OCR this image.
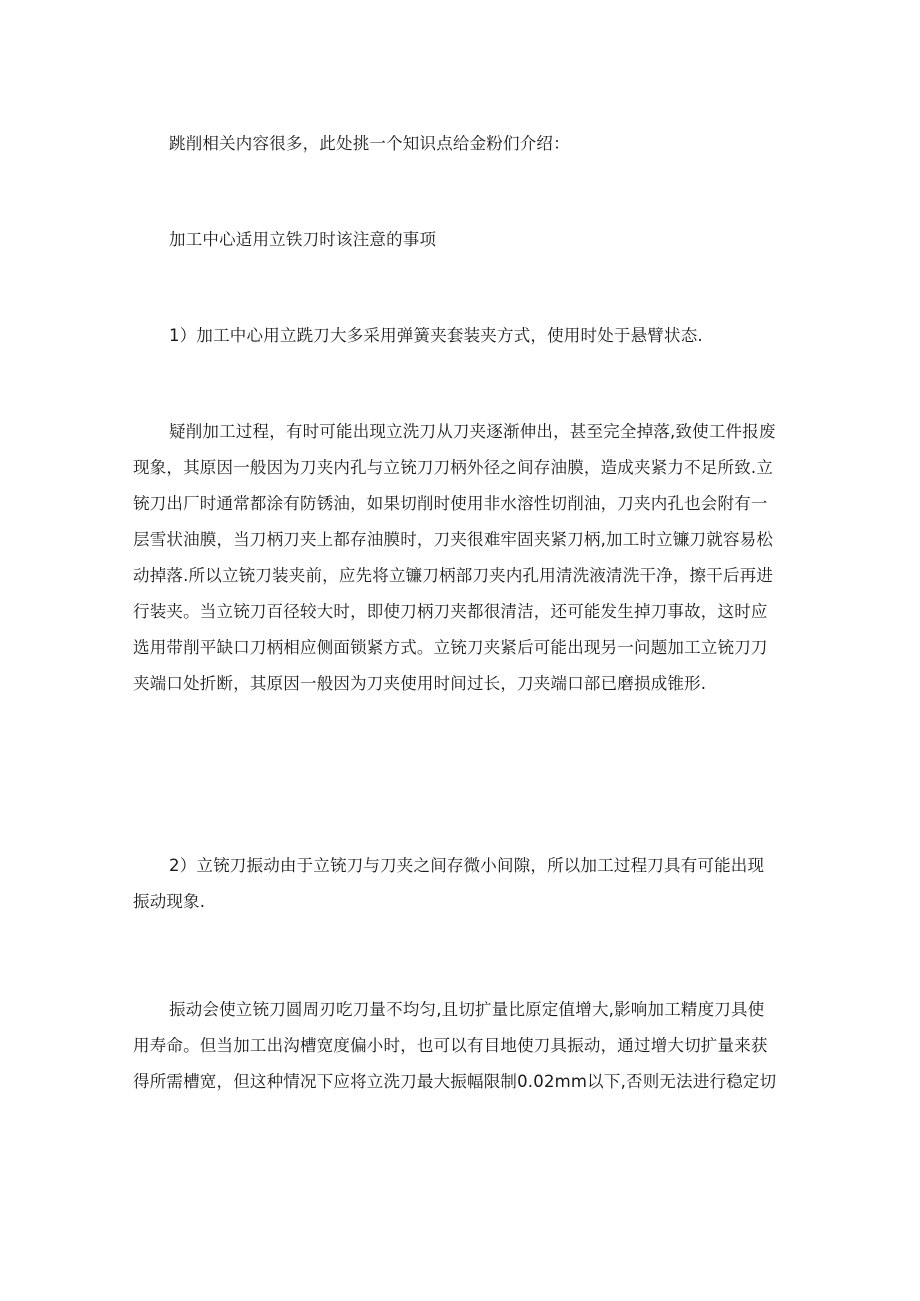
跳削相关内容很多，此处挑一个知识点给金粉们介绍：

加工中心适用立铁刀时该注意的事项

1）加工中心用立跣刀大多采用弹簧夹套装夹方式，使用时处于悬臂状态.

疑削加工过程，有时可能出现立洗刀从刀夹逐渐伸出，甚至完全掉落,致使工件报废
现象，其原因一般因为刀夹内孔与立铳刀刀柄外径之间存油膜，造成夹紧力不足所致.立
铳刀出厂时通常都涂有防锈油，如果切削时使用非水溶性切削油，刀夹内孔也会附有一
层雪状油膜，当刀柄刀夹上都存油膜时，刀夹很难牢固夹紧刀柄,加工时立镰刀就容易松
动掉落.所以立铳刀装夹前，应先将立镰刀柄部刀夹内孔用清洗液清洗干净，擦干后再进
行装夹。当立铳刀百径较大时，即使刀柄刀夹都很清洁，还可能发生掉刀事故，这时应
选用带削平缺口刀柄相应侧面锁紧方式。立铳刀夹紧后可能出现另一问题加工立铳刀刀
夹端口处折断，其原因一般因为刀夹使用时间过长，刀夹端口部已磨损成锥形.

2）立铳刀振动由于立铳刀与刀夹之间存微小间隙，所以加工过程刀具有可能出现
振动现象.

振动会使立铳刀圆周刃吃刀量不均匀,且切扩量比原定值增大,影响加工精度刀具使
用寿命。但当加工出沟槽宽度偏小时，也可以有目地使刀具振动，通过增大切扩量来获
得所需槽宽，但这种情况下应将立洗刀最大振幅限制0.02mm以下,否则无法进行稳定切
